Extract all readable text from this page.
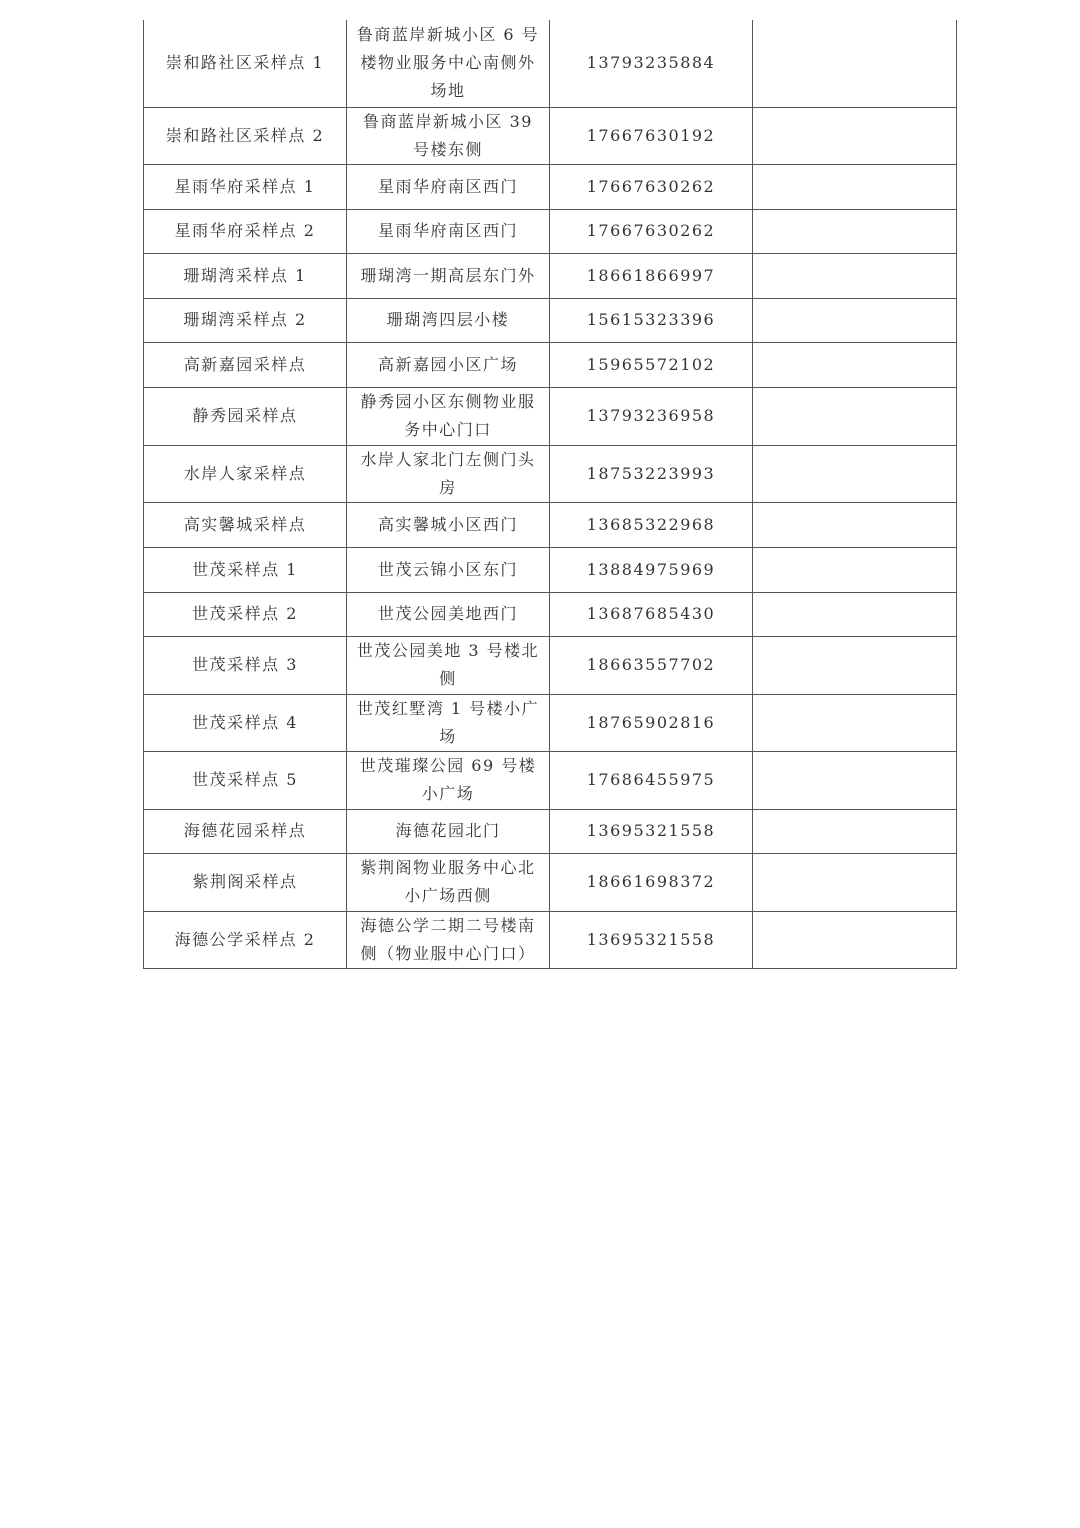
崇和路社区采样点 1	鲁商蓝岸新城小区 6 号楼物业服务中心南侧外场地	13793235884	
崇和路社区采样点 2	鲁商蓝岸新城小区 39 号楼东侧	17667630192	
星雨华府采样点 1	星雨华府南区西门	17667630262	
星雨华府采样点 2	星雨华府南区西门	17667630262	
珊瑚湾采样点 1	珊瑚湾一期高层东门外	18661866997	
珊瑚湾采样点 2	珊瑚湾四层小楼	15615323396	
高新嘉园采样点	高新嘉园小区广场	15965572102	
静秀园采样点	静秀园小区东侧物业服务中心门口	13793236958	
水岸人家采样点	水岸人家北门左侧门头房	18753223993	
高实馨城采样点	高实馨城小区西门	13685322968	
世茂采样点 1	世茂云锦小区东门	13884975969	
世茂采样点 2	世茂公园美地西门	13687685430	
世茂采样点 3	世茂公园美地 3 号楼北侧	18663557702	
世茂采样点 4	世茂红墅湾 1 号楼小广场	18765902816	
世茂采样点 5	世茂璀璨公园 69 号楼小广场	17686455975	
海德花园采样点	海德花园北门	13695321558	
紫荆阁采样点	紫荆阁物业服务中心北小广场西侧	18661698372	
海德公学采样点 2	海德公学二期二号楼南侧（物业服中心门口）	13695321558	
